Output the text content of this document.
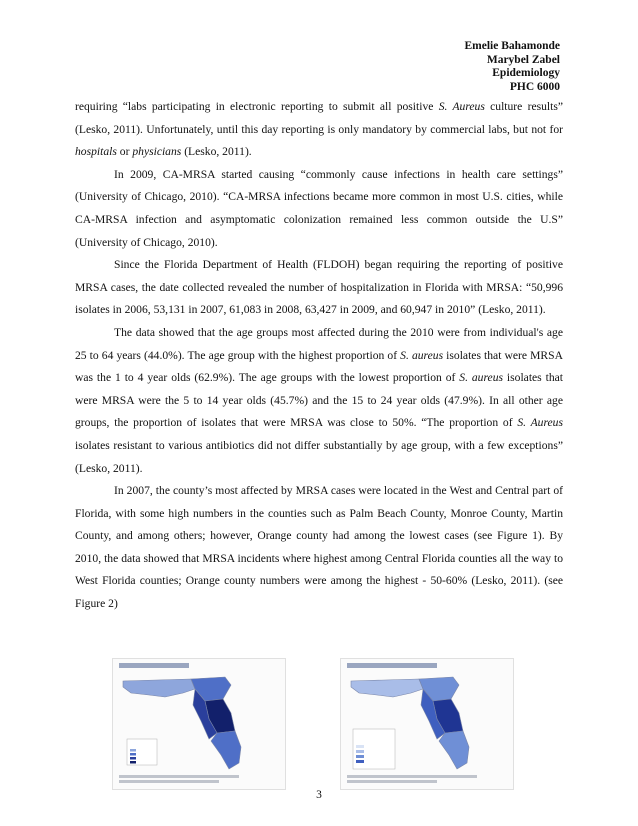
Emelie Bahamonde
Marybel Zabel
Epidemiology
PHC 6000

requiring “labs participating in electronic reporting to submit all positive S. Aureus culture results” (Lesko, 2011). Unfortunately, until this day reporting is only mandatory by commercial labs, but not for hospitals or physicians (Lesko, 2011).

In 2009, CA-MRSA started causing “commonly cause infections in health care settings” (University of Chicago, 2010). “CA-MRSA infections became more common in most U.S. cities, while CA-MRSA infection and asymptomatic colonization remained less common outside the U.S” (University of Chicago, 2010).

Since the Florida Department of Health (FLDOH) began requiring the reporting of positive MRSA cases, the date collected revealed the number of hospitalization in Florida with MRSA: “50,996 isolates in 2006, 53,131 in 2007, 61,083 in 2008, 63,427 in 2009, and 60,947 in 2010” (Lesko, 2011).

The data showed that the age groups most affected during the 2010 were from individual's age 25 to 64 years (44.0%). The age group with the highest proportion of S. aureus isolates that were MRSA was the 1 to 4 year olds (62.9%). The age groups with the lowest proportion of S. aureus isolates that were MRSA were the 5 to 14 year olds (45.7%) and the 15 to 24 year olds (47.9%). In all other age groups, the proportion of isolates that were MRSA was close to 50%. “The proportion of S. Aureus isolates resistant to various antibiotics did not differ substantially by age group, with a few exceptions” (Lesko, 2011).

In 2007, the county’s most affected by MRSA cases were located in the West and Central part of Florida, with some high numbers in the counties such as Palm Beach County, Monroe County, Martin County, and among others; however, Orange county had among the lowest cases (see Figure 1). By 2010, the data showed that MRSA incidents where highest among Central Florida counties all the way to West Florida counties; Orange county numbers were among the highest - 50-60% (Lesko, 2011). (see Figure 2)

3
